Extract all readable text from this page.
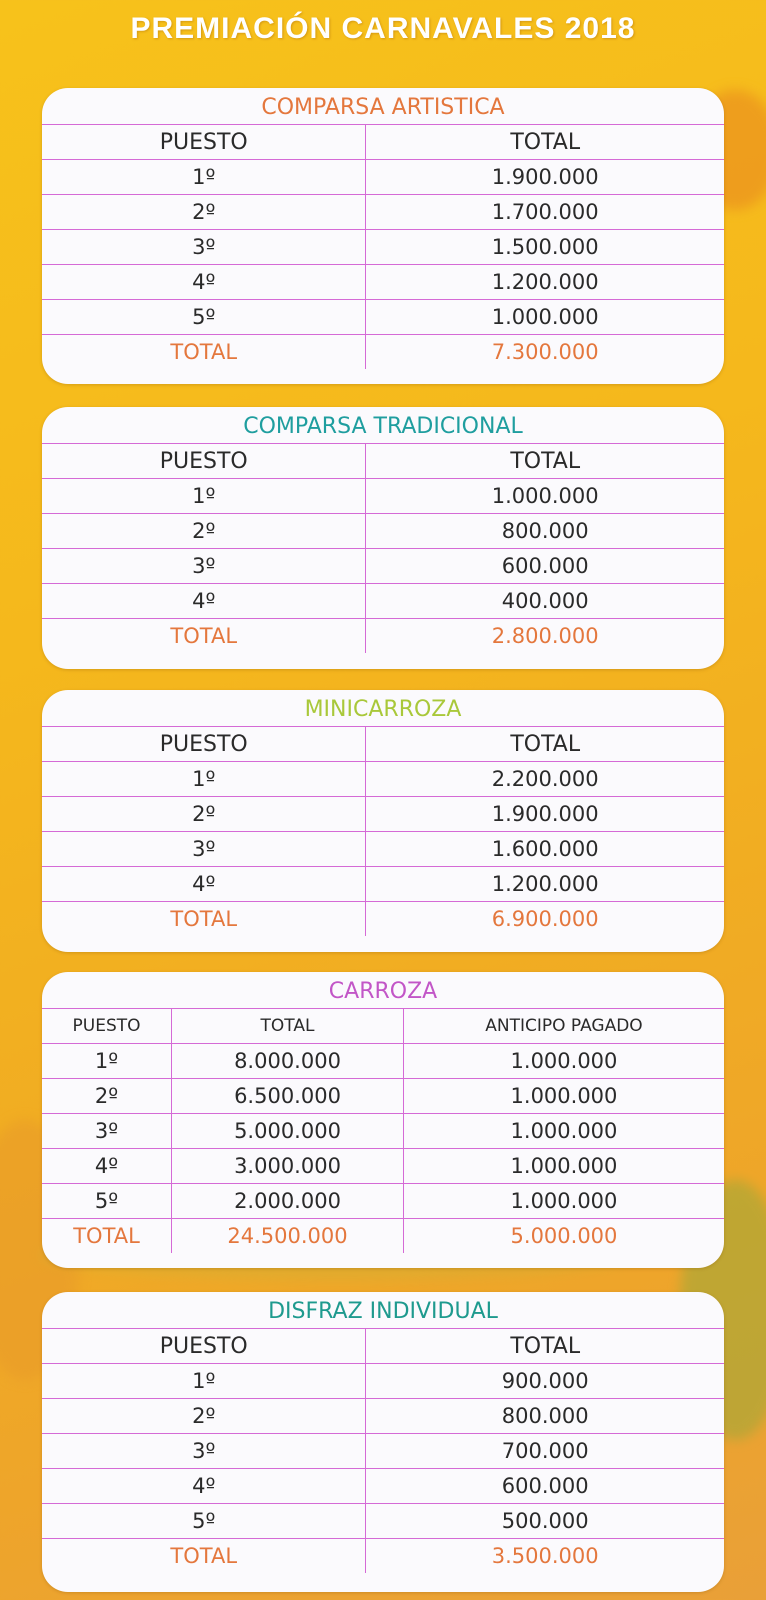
PREMIACIÓN CARNAVALES 2018
COMPARSA ARTISTICA
PUESTO	TOTAL
1º	1.900.000
2º	1.700.000
3º	1.500.000
4º	1.200.000
5º	1.000.000
TOTAL	7.300.000
COMPARSA TRADICIONAL
PUESTO	TOTAL
1º	1.000.000
2º	800.000
3º	600.000
4º	400.000
TOTAL	2.800.000
MINICARROZA
PUESTO	TOTAL
1º	2.200.000
2º	1.900.000
3º	1.600.000
4º	1.200.000
TOTAL	6.900.000
CARROZA
PUESTO	TOTAL	ANTICIPO PAGADO
1º	8.000.000	1.000.000
2º	6.500.000	1.000.000
3º	5.000.000	1.000.000
4º	3.000.000	1.000.000
5º	2.000.000	1.000.000
TOTAL	24.500.000	5.000.000
DISFRAZ INDIVIDUAL
PUESTO	TOTAL
1º	900.000
2º	800.000
3º	700.000
4º	600.000
5º	500.000
TOTAL	3.500.000
